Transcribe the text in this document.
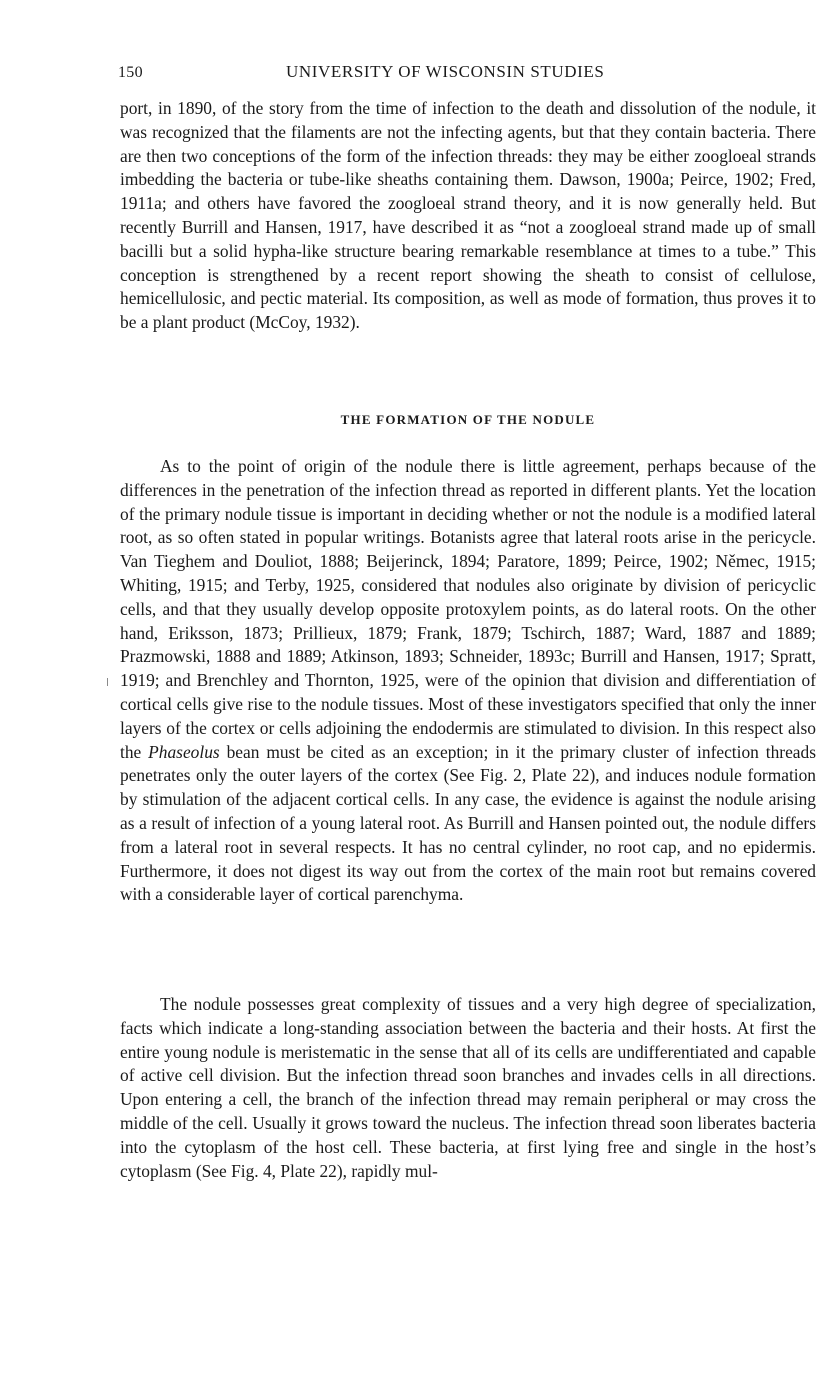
150	UNIVERSITY OF WISCONSIN STUDIES

port, in 1890, of the story from the time of infection to the death and dissolution of the nodule, it was recognized that the filaments are not the infecting agents, but that they contain bacteria. There are then two conceptions of the form of the infection threads: they may be either zoogloeal strands imbedding the bacteria or tube-like sheaths containing them. Dawson, 1900a; Peirce, 1902; Fred, 1911a; and others have favored the zoogloeal strand theory, and it is now generally held. But recently Burrill and Hansen, 1917, have described it as “not a zoogloeal strand made up of small bacilli but a solid hypha-like structure bearing remarkable resemblance at times to a tube.” This conception is strengthened by a recent report showing the sheath to consist of cellulose, hemicellulosic, and pectic material. Its composition, as well as mode of formation, thus proves it to be a plant product (McCoy, 1932).

THE FORMATION OF THE NODULE

As to the point of origin of the nodule there is little agreement, perhaps because of the differences in the penetration of the infection thread as reported in different plants. Yet the location of the primary nodule tissue is important in deciding whether or not the nodule is a modified lateral root, as so often stated in popular writings. Botanists agree that lateral roots arise in the pericycle. Van Tieghem and Douliot, 1888; Beijerinck, 1894; Paratore, 1899; Peirce, 1902; Němec, 1915; Whiting, 1915; and Terby, 1925, considered that nodules also originate by division of pericyclic cells, and that they usually develop opposite protoxylem points, as do lateral roots. On the other hand, Eriksson, 1873; Prillieux, 1879; Frank, 1879; Tschirch, 1887; Ward, 1887 and 1889; Prazmowski, 1888 and 1889; Atkinson, 1893; Schneider, 1893c; Burrill and Hansen, 1917; Spratt, 1919; and Brenchley and Thornton, 1925, were of the opinion that division and differentiation of cortical cells give rise to the nodule tissues. Most of these investigators specified that only the inner layers of the cortex or cells adjoining the endodermis are stimulated to division. In this respect also the Phaseolus bean must be cited as an exception; in it the primary cluster of infection threads penetrates only the outer layers of the cortex (See Fig. 2, Plate 22), and induces nodule formation by stimulation of the adjacent cortical cells. In any case, the evidence is against the nodule arising as a result of infection of a young lateral root. As Burrill and Hansen pointed out, the nodule differs from a lateral root in several respects. It has no central cylinder, no root cap, and no epidermis. Furthermore, it does not digest its way out from the cortex of the main root but remains covered with a considerable layer of cortical parenchyma.

The nodule possesses great complexity of tissues and a very high degree of specialization, facts which indicate a long-standing association between the bacteria and their hosts. At first the entire young nodule is meristematic in the sense that all of its cells are undifferentiated and capable of active cell division. But the infection thread soon branches and invades cells in all directions. Upon entering a cell, the branch of the infection thread may remain peripheral or may cross the middle of the cell. Usually it grows toward the nucleus. The infection thread soon liberates bacteria into the cytoplasm of the host cell. These bacteria, at first lying free and single in the host’s cytoplasm (See Fig. 4, Plate 22), rapidly mul-
